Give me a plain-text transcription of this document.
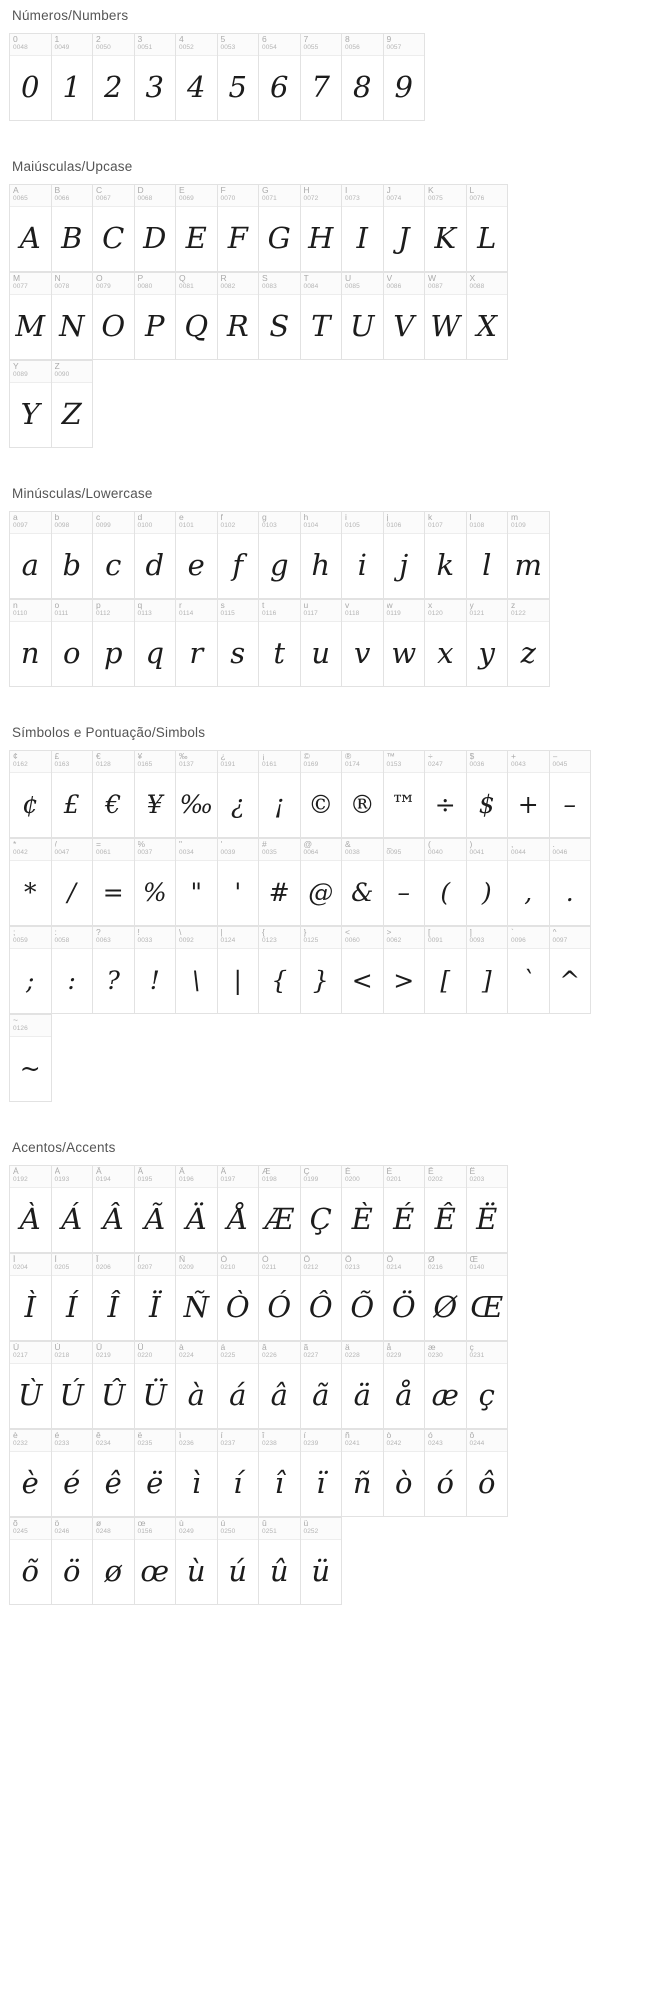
Números/Numbers
0
0048
0
1
0049
1
2
0050
2
3
0051
3
4
0052
4
5
0053
5
6
0054
6
7
0055
7
8
0056
8
9
0057
9
Maiúsculas/Upcase
A
0065
A
B
0066
B
C
0067
C
D
0068
D
E
0069
E
F
0070
F
G
0071
G
H
0072
H
I
0073
I
J
0074
J
K
0075
K
L
0076
L
M
0077
M
N
0078
N
O
0079
O
P
0080
P
Q
0081
Q
R
0082
R
S
0083
S
T
0084
T
U
0085
U
V
0086
V
W
0087
W
X
0088
X
Y
0089
Y
Z
0090
Z
Minúsculas/Lowercase
a
0097
a
b
0098
b
c
0099
c
d
0100
d
e
0101
e
f
0102
f
g
0103
g
h
0104
h
i
0105
i
j
0106
j
k
0107
k
l
0108
l
m
0109
m
n
0110
n
o
0111
o
p
0112
p
q
0113
q
r
0114
r
s
0115
s
t
0116
t
u
0117
u
v
0118
v
w
0119
w
x
0120
x
y
0121
y
z
0122
z
Símbolos e Pontuação/Simbols
¢
0162
¢
£
0163
£
€
0128
€
¥
0165
¥
‰
0137
‰
¿
0191
¿
¡
0161
¡
©
0169
©
®
0174
®
™
0153
™
÷
0247
÷
$
0036
$
+
0043
+
–
0045
–
*
0042
*
/
0047
/
=
0061
=
%
0037
%
"
0034
"
'
0039
'
#
0035
#
@
0064
@
&
0038
&
_
0095
–
(
0040
(
)
0041
)
,
0044
,
.
0046
.
;
0059
;
:
0058
:
?
0063
?
!
0033
!
\
0092
\
|
0124
|
{
0123
{
}
0125
}
<
0060
<
>
0062
>
[
0091
[
]
0093
]
`
0096
`
^
0097
^
~
0126
~
Acentos/Accents
À
0192
À
Á
0193
Á
Â
0194
Â
Ã
0195
Ã
Ä
0196
Ä
Å
0197
Å
Æ
0198
Æ
Ç
0199
Ç
È
0200
È
É
0201
É
Ê
0202
Ê
Ë
0203
Ë
Ì
0204
Ì
Í
0205
Í
Î
0206
Î
Ï
0207
Ï
Ñ
0209
Ñ
Ò
0210
Ò
Ó
0211
Ó
Ô
0212
Ô
Õ
0213
Õ
Ö
0214
Ö
Ø
0216
Ø
Œ
0140
Œ
Ù
0217
Ù
Ú
0218
Ú
Û
0219
Û
Ü
0220
Ü
à
0224
à
á
0225
á
â
0226
â
ã
0227
ã
ä
0228
ä
å
0229
å
æ
0230
æ
ç
0231
ç
è
0232
è
é
0233
é
ê
0234
ê
ë
0235
ë
ì
0236
ì
í
0237
í
î
0238
î
ï
0239
ï
ñ
0241
ñ
ò
0242
ò
ó
0243
ó
ô
0244
ô
õ
0245
õ
ö
0246
ö
ø
0248
ø
œ
0156
œ
ù
0249
ù
ú
0250
ú
û
0251
û
ü
0252
ü
